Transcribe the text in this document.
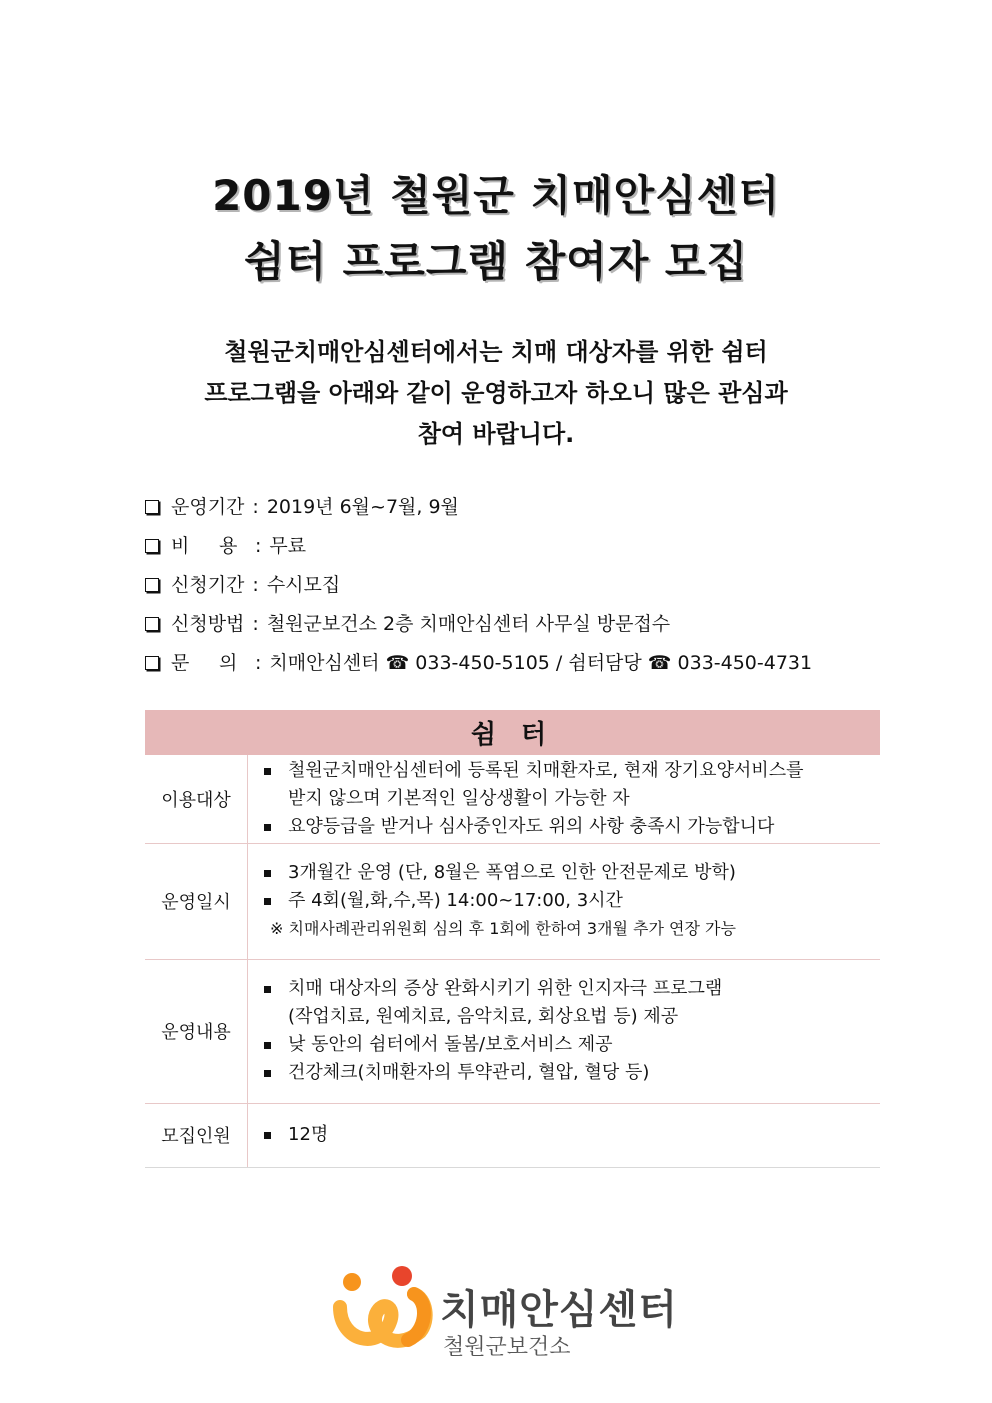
2019년 철원군 치매안심센터
쉼터 프로그램 참여자 모집

철원군치매안심센터에서는 치매 대상자를 위한 쉼터

프로그램을 아래와 같이 운영하고자 하오니 많은 관심과

참여 바랍니다.

운영기간 : 2019년 6월~7월, 9월
비 용 : 무료
신청기간 : 수시모집
신청방법 : 철원군보건소 2층 치매안심센터 사무실 방문접수
문 의 : 치매안심센터 ☎ 033-450-5105 / 쉼터담당 ☎ 033-450-4731
쉼 터	
이용대상	철원군치매안심센터에 등록된 치매환자로, 현재 장기요양서비스를
받지 않으며 기본적인 일상생활이 가능한 자
요양등급을 받거나 심사중인자도 위의 사항 충족시 가능합니다

운영일시	3개월간 운영 (단, 8월은 폭염으로 인한 안전문제로 방학)
주 4회(월,화,수,목) 14:00~17:00, 3시간
※ 치매사례관리위원회 심의 후 1회에 한하여 3개월 추가 연장 가능

운영내용	치매 대상자의 증상 완화시키기 위한 인지자극 프로그램
(작업치료, 원예치료, 음악치료, 회상요법 등) 제공
낮 동안의 쉼터에서 돌봄/보호서비스 제공
건강체크(치매환자의 투약관리, 혈압, 혈당 등)

모집인원	12명
치매안심센터
철원군보건소
